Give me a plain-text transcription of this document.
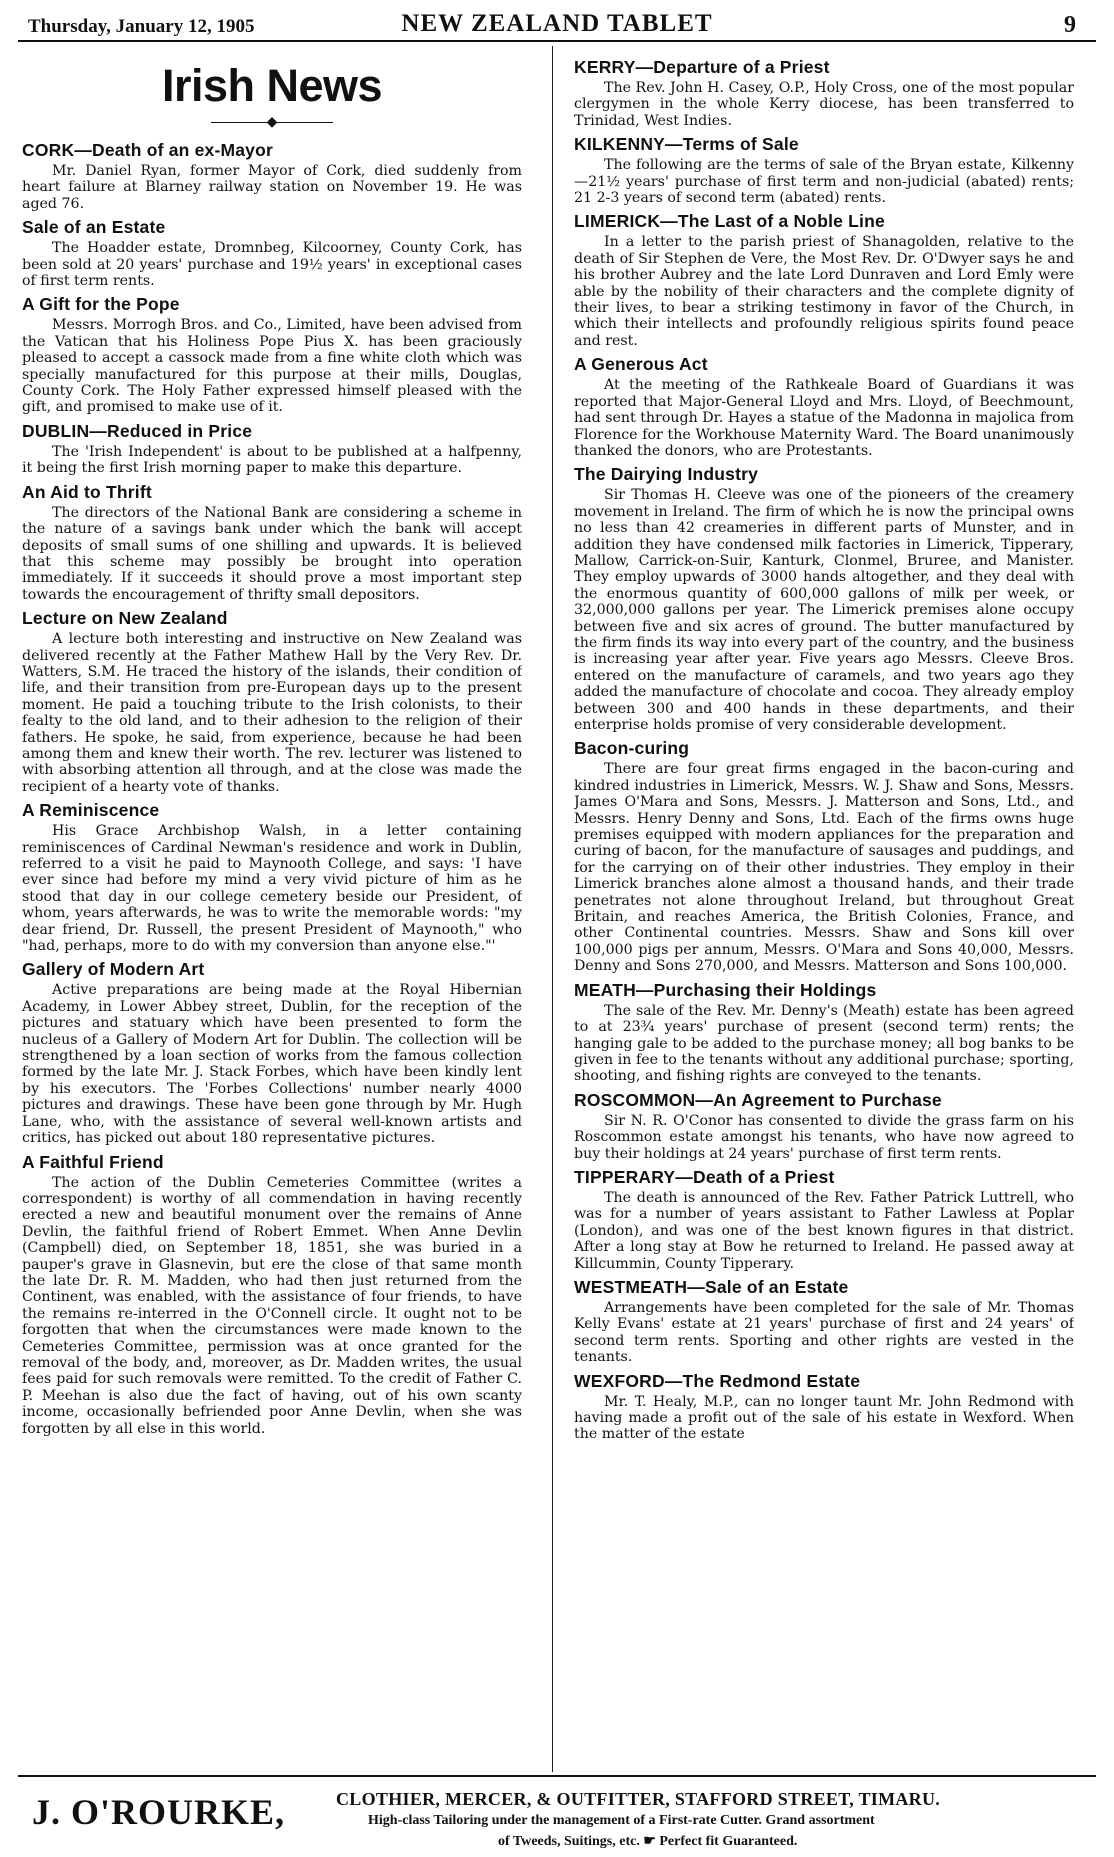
Thursday, January 12, 1905	NEW ZEALAND TABLET	9
Irish News
◆
CORK—Death of an ex-Mayor

Mr. Daniel Ryan, former Mayor of Cork, died suddenly from heart failure at Blarney railway station on November 19. He was aged 76.

Sale of an Estate

The Hoadder estate, Dromnbeg, Kilcoorney, County Cork, has been sold at 20 years' purchase and 19½ years' in exceptional cases of first term rents.

A Gift for the Pope

Messrs. Morrogh Bros. and Co., Limited, have been advised from the Vatican that his Holiness Pope Pius X. has been graciously pleased to accept a cassock made from a fine white cloth which was specially manufactured for this purpose at their mills, Douglas, County Cork. The Holy Father expressed himself pleased with the gift, and promised to make use of it.

DUBLIN—Reduced in Price

The 'Irish Independent' is about to be published at a halfpenny, it being the first Irish morning paper to make this departure.

An Aid to Thrift

The directors of the National Bank are considering a scheme in the nature of a savings bank under which the bank will accept deposits of small sums of one shilling and upwards. It is believed that this scheme may possibly be brought into operation immediately. If it succeeds it should prove a most important step towards the encouragement of thrifty small depositors.

Lecture on New Zealand

A lecture both interesting and instructive on New Zealand was delivered recently at the Father Mathew Hall by the Very Rev. Dr. Watters, S.M. He traced the history of the islands, their condition of life, and their transition from pre-European days up to the present moment. He paid a touching tribute to the Irish colonists, to their fealty to the old land, and to their adhesion to the religion of their fathers. He spoke, he said, from experience, because he had been among them and knew their worth. The rev. lecturer was listened to with absorbing attention all through, and at the close was made the recipient of a hearty vote of thanks.

A Reminiscence

His Grace Archbishop Walsh, in a letter containing reminiscences of Cardinal Newman's residence and work in Dublin, referred to a visit he paid to Maynooth College, and says: 'I have ever since had before my mind a very vivid picture of him as he stood that day in our college cemetery beside our President, of whom, years afterwards, he was to write the memorable words: "my dear friend, Dr. Russell, the present President of Maynooth," who "had, perhaps, more to do with my conversion than anyone else."'

Gallery of Modern Art

Active preparations are being made at the Royal Hibernian Academy, in Lower Abbey street, Dublin, for the reception of the pictures and statuary which have been presented to form the nucleus of a Gallery of Modern Art for Dublin. The collection will be strengthened by a loan section of works from the famous collection formed by the late Mr. J. Stack Forbes, which have been kindly lent by his executors. The 'Forbes Collections' number nearly 4000 pictures and drawings. These have been gone through by Mr. Hugh Lane, who, with the assistance of several well-known artists and critics, has picked out about 180 representative pictures.

A Faithful Friend

The action of the Dublin Cemeteries Committee (writes a correspondent) is worthy of all commendation in having recently erected a new and beautiful monument over the remains of Anne Devlin, the faithful friend of Robert Emmet. When Anne Devlin (Campbell) died, on September 18, 1851, she was buried in a pauper's grave in Glasnevin, but ere the close of that same month the late Dr. R. M. Madden, who had then just returned from the Continent, was enabled, with the assistance of four friends, to have the remains re-interred in the O'Connell circle. It ought not to be forgotten that when the circumstances were made known to the Cemeteries Committee, permission was at once granted for the removal of the body, and, moreover, as Dr. Madden writes, the usual fees paid for such removals were remitted. To the credit of Father C. P. Meehan is also due the fact of having, out of his own scanty income, occasionally befriended poor Anne Devlin, when she was forgotten by all else in this world.

KERRY—Departure of a Priest

The Rev. John H. Casey, O.P., Holy Cross, one of the most popular clergymen in the whole Kerry diocese, has been transferred to Trinidad, West Indies.

KILKENNY—Terms of Sale

The following are the terms of sale of the Bryan estate, Kilkenny—21½ years' purchase of first term and non-judicial (abated) rents; 21 2-3 years of second term (abated) rents.

LIMERICK—The Last of a Noble Line

In a letter to the parish priest of Shanagolden, relative to the death of Sir Stephen de Vere, the Most Rev. Dr. O'Dwyer says he and his brother Aubrey and the late Lord Dunraven and Lord Emly were able by the nobility of their characters and the complete dignity of their lives, to bear a striking testimony in favor of the Church, in which their intellects and profoundly religious spirits found peace and rest.

A Generous Act

At the meeting of the Rathkeale Board of Guardians it was reported that Major-General Lloyd and Mrs. Lloyd, of Beechmount, had sent through Dr. Hayes a statue of the Madonna in majolica from Florence for the Workhouse Maternity Ward. The Board unanimously thanked the donors, who are Protestants.

The Dairying Industry

Sir Thomas H. Cleeve was one of the pioneers of the creamery movement in Ireland. The firm of which he is now the principal owns no less than 42 creameries in different parts of Munster, and in addition they have condensed milk factories in Limerick, Tipperary, Mallow, Carrick-on-Suir, Kanturk, Clonmel, Bruree, and Manister. They employ upwards of 3000 hands altogether, and they deal with the enormous quantity of 600,000 gallons of milk per week, or 32,000,000 gallons per year. The Limerick premises alone occupy between five and six acres of ground. The butter manufactured by the firm finds its way into every part of the country, and the business is increasing year after year. Five years ago Messrs. Cleeve Bros. entered on the manufacture of caramels, and two years ago they added the manufacture of chocolate and cocoa. They already employ between 300 and 400 hands in these departments, and their enterprise holds promise of very considerable development.

Bacon-curing

There are four great firms engaged in the bacon-curing and kindred industries in Limerick, Messrs. W. J. Shaw and Sons, Messrs. James O'Mara and Sons, Messrs. J. Matterson and Sons, Ltd., and Messrs. Henry Denny and Sons, Ltd. Each of the firms owns huge premises equipped with modern appliances for the preparation and curing of bacon, for the manufacture of sausages and puddings, and for the carrying on of their other industries. They employ in their Limerick branches alone almost a thousand hands, and their trade penetrates not alone throughout Ireland, but throughout Great Britain, and reaches America, the British Colonies, France, and other Continental countries. Messrs. Shaw and Sons kill over 100,000 pigs per annum, Messrs. O'Mara and Sons 40,000, Messrs. Denny and Sons 270,000, and Messrs. Matterson and Sons 100,000.

MEATH—Purchasing their Holdings

The sale of the Rev. Mr. Denny's (Meath) estate has been agreed to at 23¾ years' purchase of present (second term) rents; the hanging gale to be added to the purchase money; all bog banks to be given in fee to the tenants without any additional purchase; sporting, shooting, and fishing rights are conveyed to the tenants.

ROSCOMMON—An Agreement to Purchase

Sir N. R. O'Conor has consented to divide the grass farm on his Roscommon estate amongst his tenants, who have now agreed to buy their holdings at 24 years' purchase of first term rents.

TIPPERARY—Death of a Priest

The death is announced of the Rev. Father Patrick Luttrell, who was for a number of years assistant to Father Lawless at Poplar (London), and was one of the best known figures in that district. After a long stay at Bow he returned to Ireland. He passed away at Killcummin, County Tipperary.

WESTMEATH—Sale of an Estate

Arrangements have been completed for the sale of Mr. Thomas Kelly Evans' estate at 21 years' purchase of first and 24 years' of second term rents. Sporting and other rights are vested in the tenants.

WEXFORD—The Redmond Estate

Mr. T. Healy, M.P., can no longer taunt Mr. John Redmond with having made a profit out of the sale of his estate in Wexford. When the matter of the estate

J. O'ROURKE,	CLOTHIER, MERCER, & OUTFITTER, STAFFORD STREET, TIMARU.
High-class Tailoring under the management of a First-rate Cutter. Grand assortment
of Tweeds, Suitings, etc. ☛ Perfect fit Guaranteed.
